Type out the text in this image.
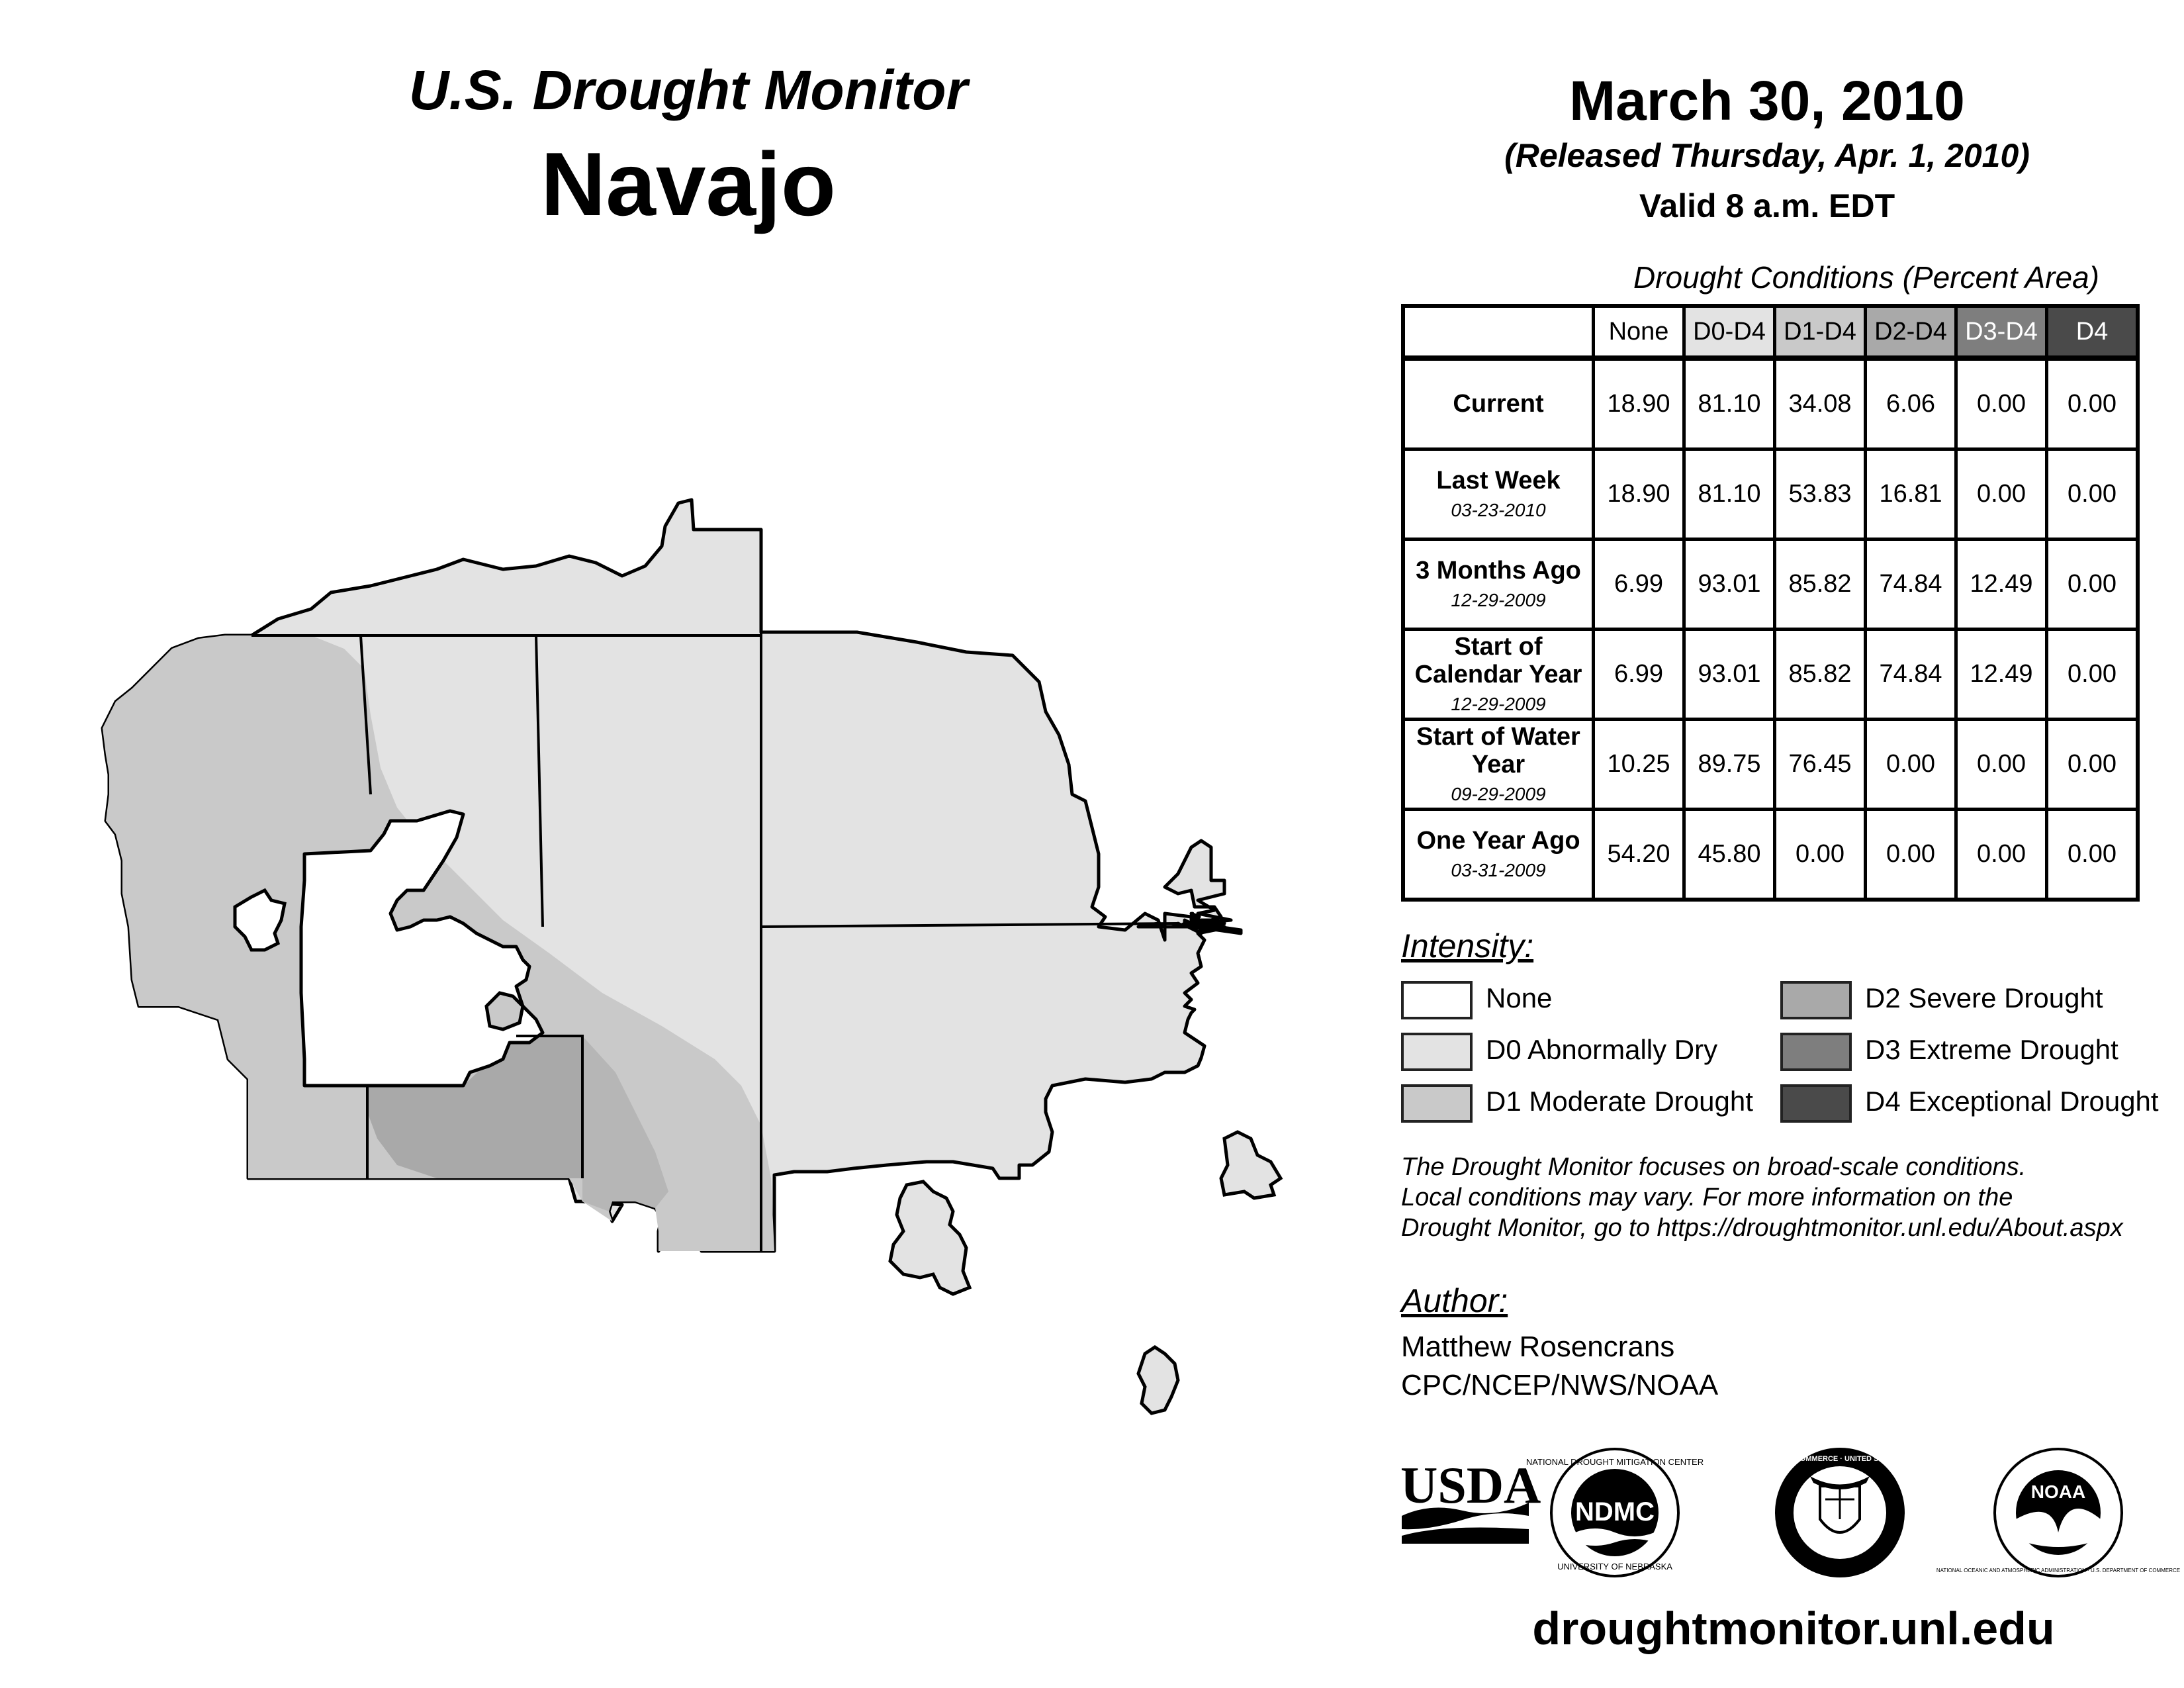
U.S. Drought Monitor
Navajo
March 30, 2010
(Released Thursday, Apr. 1, 2010)
Valid 8 a.m. EDT
Drought Conditions (Percent Area)
	None	D0-D4	D1-D4	D2-D4	D3-D4	D4
Current	18.90	81.10	34.08	6.06	0.00	0.00
Last Week
03-23-2010	18.90	81.10	53.83	16.81	0.00	0.00
3 Months Ago
12-29-2009	6.99	93.01	85.82	74.84	12.49	0.00
Start of Calendar Year
12-29-2009	6.99	93.01	85.82	74.84	12.49	0.00
Start of Water Year
09-29-2009	10.25	89.75	76.45	0.00	0.00	0.00
One Year Ago
03-31-2009	54.20	45.80	0.00	0.00	0.00	0.00
Intensity:
None
D0 Abnormally Dry
D1 Moderate Drought
D2 Severe Drought
D3 Extreme Drought
D4 Exceptional Drought
The Drought Monitor focuses on broad-scale conditions.
Local conditions may vary. For more information on the
Drought Monitor, go to https://droughtmonitor.unl.edu/About.aspx
Author:
Matthew Rosencrans
CPC/NCEP/NWS/NOAA
USDA NDMC
NATIONAL DROUGHT MITIGATION CENTER
UNIVERSITY OF NEBRASKA
DEPARTMENT OF COMMERCE · UNITED STATES OF AMERICA
NOAA
NATIONAL OCEANIC AND ATMOSPHERIC ADMINISTRATION · U.S. DEPARTMENT OF COMMERCE
droughtmonitor.unl.edu
